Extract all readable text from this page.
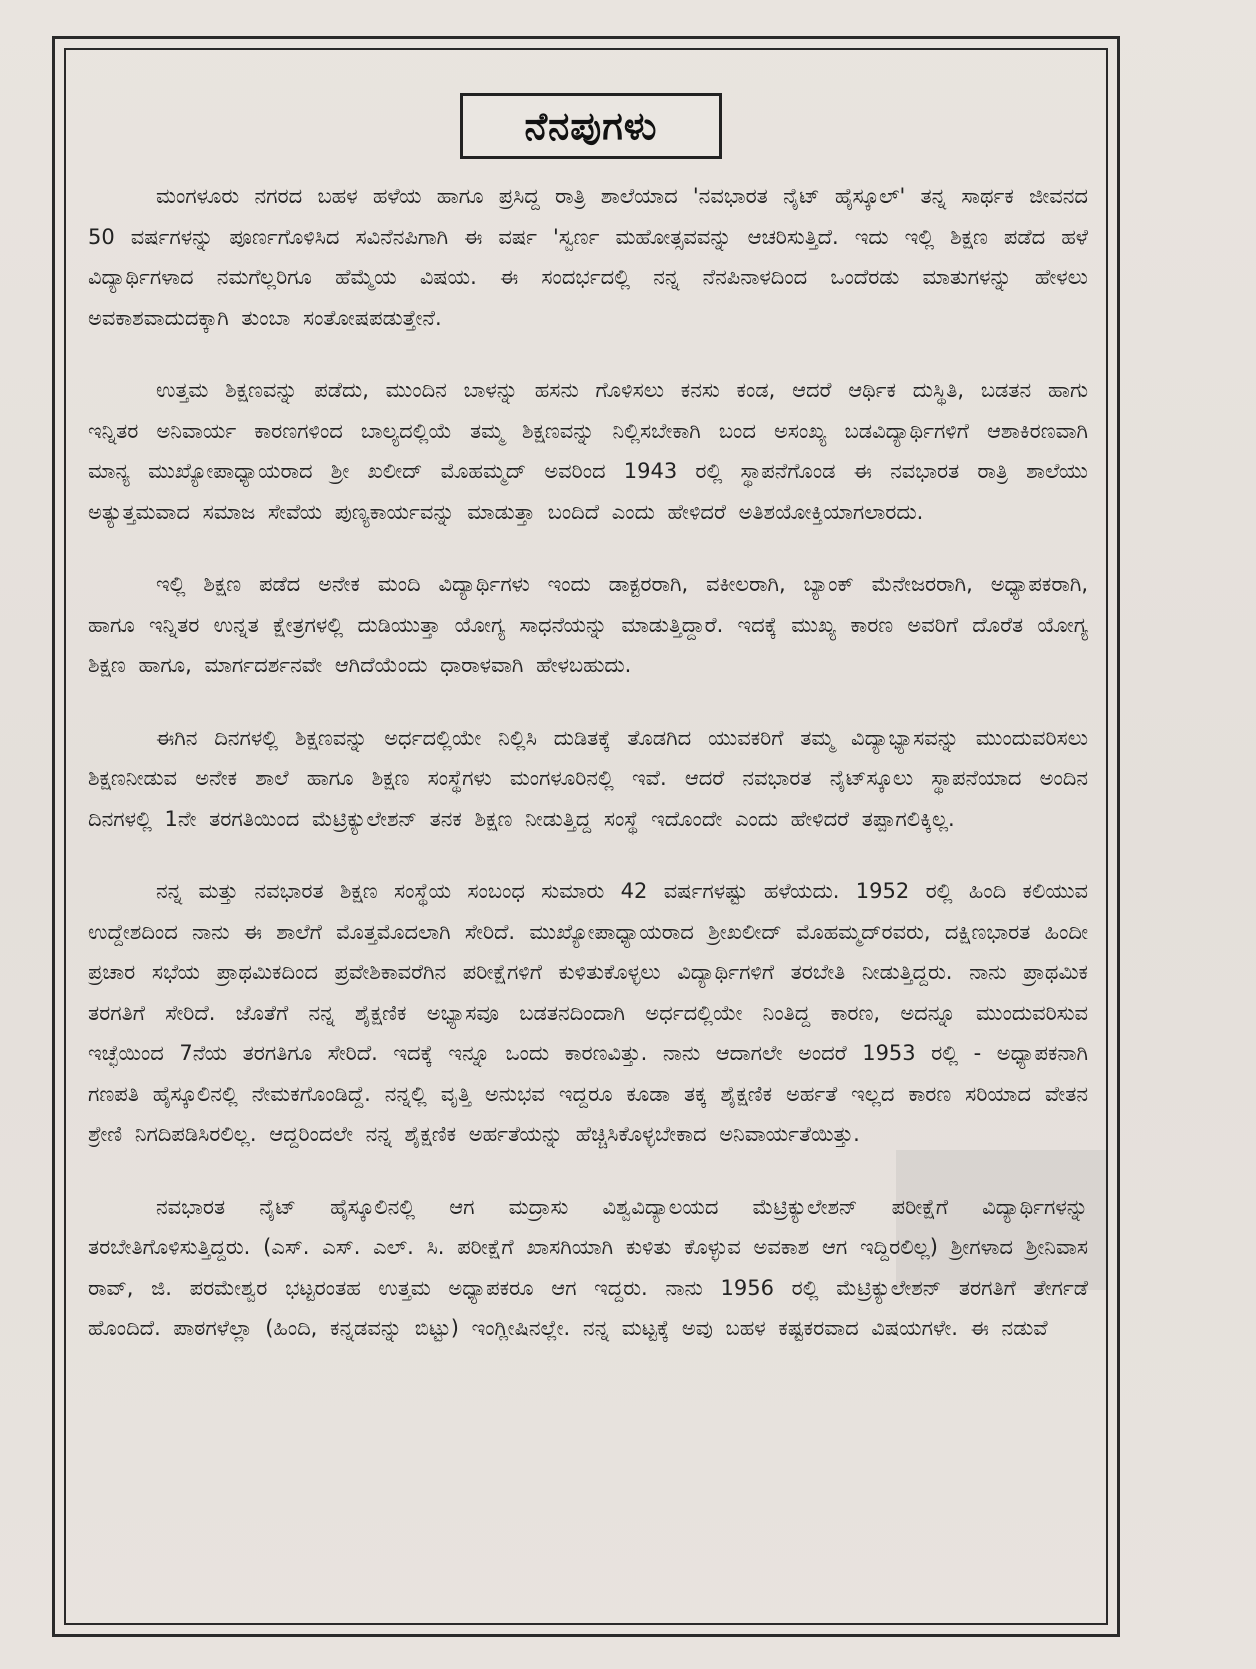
ನೆನಪುಗಳು

ಮಂಗಳೂರು ನಗರದ ಬಹಳ ಹಳೆಯ ಹಾಗೂ ಪ್ರಸಿದ್ದ ರಾತ್ರಿ ಶಾಲೆಯಾದ 'ನವಭಾರತ ನೈಟ್ ಹೈಸ್ಕೂಲ್' ತನ್ನ ಸಾರ್ಥಕ ಜೀವನದ 50 ವರ್ಷಗಳನ್ನು ಪೂರ್ಣಗೊಳಿಸಿದ ಸವಿನೆನಪಿಗಾಗಿ ಈ ವರ್ಷ 'ಸ್ವರ್ಣ ಮಹೋತ್ಸವವನ್ನು ಆಚರಿಸುತ್ತಿದೆ. ಇದು ಇಲ್ಲಿ ಶಿಕ್ಷಣ ಪಡೆದ ಹಳೆ ವಿದ್ಯಾರ್ಥಿಗಳಾದ ನಮಗೆಲ್ಲರಿಗೂ ಹೆಮ್ಮೆಯ ವಿಷಯ. ಈ ಸಂದರ್ಭದಲ್ಲಿ ನನ್ನ ನೆನಪಿನಾಳದಿಂದ ಒಂದೆರಡು ಮಾತುಗಳನ್ನು ಹೇಳಲು ಅವಕಾಶವಾದುದಕ್ಕಾಗಿ ತುಂಬಾ ಸಂತೋಷಪಡುತ್ತೇನೆ.

ಉತ್ತಮ ಶಿಕ್ಷಣವನ್ನು ಪಡೆದು, ಮುಂದಿನ ಬಾಳನ್ನು ಹಸನು ಗೊಳಿಸಲು ಕನಸು ಕಂಡ, ಆದರೆ ಆರ್ಥಿಕ ದುಸ್ಥಿತಿ, ಬಡತನ ಹಾಗು ಇನ್ನಿತರ ಅನಿವಾರ್ಯ ಕಾರಣಗಳಿಂದ ಬಾಲ್ಯದಲ್ಲಿಯೆ ತಮ್ಮ ಶಿಕ್ಷಣವನ್ನು ನಿಲ್ಲಿಸಬೇಕಾಗಿ ಬಂದ ಅಸಂಖ್ಯ ಬಡವಿದ್ಯಾರ್ಥಿಗಳಿಗೆ ಆಶಾಕಿರಣವಾಗಿ ಮಾನ್ಯ ಮುಖ್ಯೋಪಾಧ್ಯಾಯರಾದ ಶ್ರೀ ಖಲೀದ್ ಮೊಹಮ್ಮದ್ ಅವರಿಂದ 1943 ರಲ್ಲಿ ಸ್ಥಾಪನೆಗೊಂಡ ಈ ನವಭಾರತ ರಾತ್ರಿ ಶಾಲೆಯು ಅತ್ಯುತ್ತಮವಾದ ಸಮಾಜ ಸೇವೆಯ ಪುಣ್ಯಕಾರ್ಯವನ್ನು ಮಾಡುತ್ತಾ ಬಂದಿದೆ ಎಂದು ಹೇಳಿದರೆ ಅತಿಶಯೋಕ್ತಿಯಾಗಲಾರದು.

ಇಲ್ಲಿ ಶಿಕ್ಷಣ ಪಡೆದ ಅನೇಕ ಮಂದಿ ವಿದ್ಯಾರ್ಥಿಗಳು ಇಂದು ಡಾಕ್ಟರರಾಗಿ, ವಕೀಲರಾಗಿ, ಬ್ಯಾಂಕ್ ಮೆನೇಜರರಾಗಿ, ಅಧ್ಯಾಪಕರಾಗಿ, ಹಾಗೂ ಇನ್ನಿತರ ಉನ್ನತ ಕ್ಷೇತ್ರಗಳಲ್ಲಿ ದುಡಿಯುತ್ತಾ ಯೋಗ್ಯ ಸಾಧನೆಯನ್ನು ಮಾಡುತ್ತಿದ್ದಾರೆ. ಇದಕ್ಕೆ ಮುಖ್ಯ ಕಾರಣ ಅವರಿಗೆ ದೊರೆತ ಯೋಗ್ಯ ಶಿಕ್ಷಣ ಹಾಗೂ, ಮಾರ್ಗದರ್ಶನವೇ ಆಗಿದೆಯೆಂದು ಧಾರಾಳವಾಗಿ ಹೇಳಬಹುದು.

ಈಗಿನ ದಿನಗಳಲ್ಲಿ ಶಿಕ್ಷಣವನ್ನು ಅರ್ಧದಲ್ಲಿಯೇ ನಿಲ್ಲಿಸಿ ದುಡಿತಕ್ಕೆ ತೊಡಗಿದ ಯುವಕರಿಗೆ ತಮ್ಮ ವಿದ್ಯಾಭ್ಯಾಸವನ್ನು ಮುಂದುವರಿಸಲು ಶಿಕ್ಷಣನೀಡುವ ಅನೇಕ ಶಾಲೆ ಹಾಗೂ ಶಿಕ್ಷಣ ಸಂಸ್ಥೆಗಳು ಮಂಗಳೂರಿನಲ್ಲಿ ಇವೆ. ಆದರೆ ನವಭಾರತ ನೈಟ್‌ಸ್ಕೂಲು ಸ್ಥಾಪನೆಯಾದ ಅಂದಿನ ದಿನಗಳಲ್ಲಿ 1ನೇ ತರಗತಿಯಿಂದ ಮೆಟ್ರಿಕ್ಯುಲೇಶನ್ ತನಕ ಶಿಕ್ಷಣ ನೀಡುತ್ತಿದ್ದ ಸಂಸ್ಥೆ ಇದೊಂದೇ ಎಂದು ಹೇಳಿದರೆ ತಪ್ಪಾಗಲಿಕ್ಕಿಲ್ಲ.

ನನ್ನ ಮತ್ತು ನವಭಾರತ ಶಿಕ್ಷಣ ಸಂಸ್ಥೆಯ ಸಂಬಂಧ ಸುಮಾರು 42 ವರ್ಷಗಳಷ್ಟು ಹಳೆಯದು. 1952 ರಲ್ಲಿ ಹಿಂದಿ ಕಲಿಯುವ ಉದ್ದೇಶದಿಂದ ನಾನು ಈ ಶಾಲೆಗೆ ಮೊತ್ತಮೊದಲಾಗಿ ಸೇರಿದೆ. ಮುಖ್ಯೋಪಾಧ್ಯಾಯರಾದ ಶ್ರೀಖಲೀದ್ ಮೊಹಮ್ಮದ್‌ರವರು, ದಕ್ಷಿಣಭಾರತ ಹಿಂದೀ ಪ್ರಚಾರ ಸಭೆಯ ಪ್ರಾಥಮಿಕದಿಂದ ಪ್ರವೇಶಿಕಾವರೆಗಿನ ಪರೀಕ್ಷೆಗಳಿಗೆ ಕುಳಿತುಕೊಳ್ಳಲು ವಿದ್ಯಾರ್ಥಿಗಳಿಗೆ ತರಬೇತಿ ನೀಡುತ್ತಿದ್ದರು. ನಾನು ಪ್ರಾಥಮಿಕ ತರಗತಿಗೆ ಸೇರಿದೆ. ಜೊತೆಗೆ ನನ್ನ ಶೈಕ್ಷಣಿಕ ಅಭ್ಯಾಸವೂ ಬಡತನದಿಂದಾಗಿ ಅರ್ಧದಲ್ಲಿಯೇ ನಿಂತಿದ್ದ ಕಾರಣ, ಅದನ್ನೂ ಮುಂದುವರಿಸುವ ಇಚ್ಛೆಯಿಂದ 7ನೆಯ ತರಗತಿಗೂ ಸೇರಿದೆ. ಇದಕ್ಕೆ ಇನ್ನೂ ಒಂದು ಕಾರಣವಿತ್ತು. ನಾನು ಆದಾಗಲೇ ಅಂದರೆ 1953 ರಲ್ಲಿ - ಅಧ್ಯಾಪಕನಾಗಿ ಗಣಪತಿ ಹೈಸ್ಕೂಲಿನಲ್ಲಿ ನೇಮಕಗೊಂಡಿದ್ದೆ. ನನ್ನಲ್ಲಿ ವೃತ್ತಿ ಅನುಭವ ಇದ್ದರೂ ಕೂಡಾ ತಕ್ಕ ಶೈಕ್ಷಣಿಕ ಅರ್ಹತೆ ಇಲ್ಲದ ಕಾರಣ ಸರಿಯಾದ ವೇತನ ಶ್ರೇಣಿ ನಿಗದಿಪಡಿಸಿರಲಿಲ್ಲ. ಆದ್ದರಿಂದಲೇ ನನ್ನ ಶೈಕ್ಷಣಿಕ ಅರ್ಹತೆಯನ್ನು ಹೆಚ್ಚಿಸಿಕೊಳ್ಳಬೇಕಾದ ಅನಿವಾರ್ಯತೆಯಿತ್ತು.

ನವಭಾರತ ನೈಟ್ ಹೈಸ್ಕೂಲಿನಲ್ಲಿ ಆಗ ಮದ್ರಾಸು ವಿಶ್ವವಿದ್ಯಾಲಯದ ಮೆಟ್ರಿಕ್ಯುಲೇಶನ್ ಪರೀಕ್ಷೆಗೆ ವಿದ್ಯಾರ್ಥಿಗಳನ್ನು ತರಬೇತಿಗೊಳಿಸುತ್ತಿದ್ದರು. (ಎಸ್. ಎಸ್. ಎಲ್. ಸಿ. ಪರೀಕ್ಷೆಗೆ ಖಾಸಗಿಯಾಗಿ ಕುಳಿತು ಕೊಳ್ಳುವ ಅವಕಾಶ ಆಗ ಇದ್ದಿರಲಿಲ್ಲ) ಶ್ರೀಗಳಾದ ಶ್ರೀನಿವಾಸ ರಾವ್, ಜಿ. ಪರಮೇಶ್ವರ ಭಟ್ಟರಂತಹ ಉತ್ತಮ ಅಧ್ಯಾಪಕರೂ ಆಗ ಇದ್ದರು. ನಾನು 1956 ರಲ್ಲಿ ಮೆಟ್ರಿಕ್ಯುಲೇಶನ್ ತರಗತಿಗೆ ತೇರ್ಗಡೆ ಹೊಂದಿದೆ. ಪಾಠಗಳೆಲ್ಲಾ (ಹಿಂದಿ, ಕನ್ನಡವನ್ನು ಬಿಟ್ಟು) ಇಂಗ್ಲೀಷಿನಲ್ಲೇ. ನನ್ನ ಮಟ್ಟಕ್ಕೆ ಅವು ಬಹಳ ಕಷ್ಟಕರವಾದ ವಿಷಯಗಳೇ. ಈ ನಡುವೆ
